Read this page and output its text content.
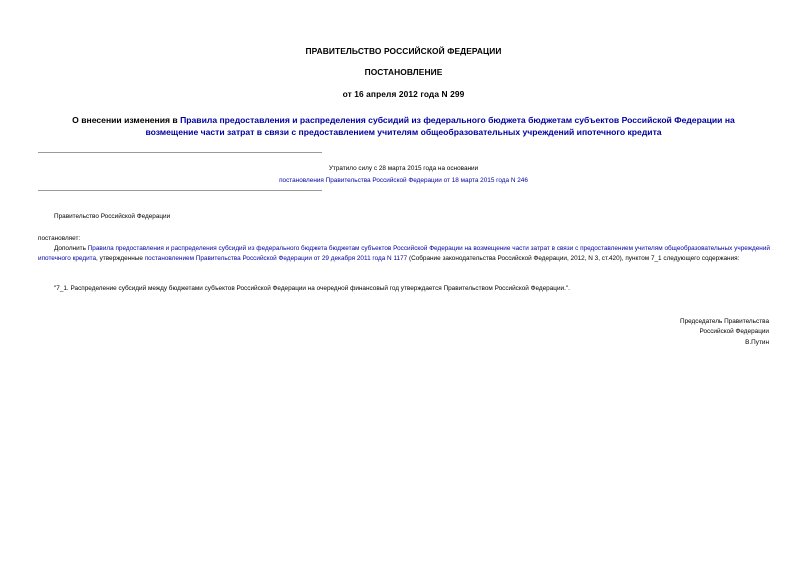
ПРАВИТЕЛЬСТВО РОССИЙСКОЙ ФЕДЕРАЦИИ
ПОСТАНОВЛЕНИЕ
от 16 апреля 2012 года N 299
О внесении изменения в Правила предоставления и распределения субсидий из федерального бюджета бюджетам субъектов Российской Федерации на возмещение части затрат в связи с предоставлением учителям общеобразовательных учреждений ипотечного кредита
Утратило силу с 28 марта 2015 года на основании
постановления Правительства Российской Федерации от 18 марта 2015 года N 246
Правительство Российской Федерации
постановляет:
Дополнить Правила предоставления и распределения субсидий из федерального бюджета бюджетам субъектов Российской Федерации на возмещение части затрат в связи с предоставлением учителям общеобразовательных учреждений ипотечного кредита, утвержденные постановлением Правительства Российской Федерации от 29 декабря 2011 года N 1177 (Собрание законодательства Российской Федерации, 2012, N 3, ст.420), пунктом 7_1 следующего содержания:
"7_1. Распределение субсидий между бюджетами субъектов Российской Федерации на очередной финансовый год утверждается Правительством Российской Федерации.".
Председатель Правительства
Российской Федерации
В.Путин
